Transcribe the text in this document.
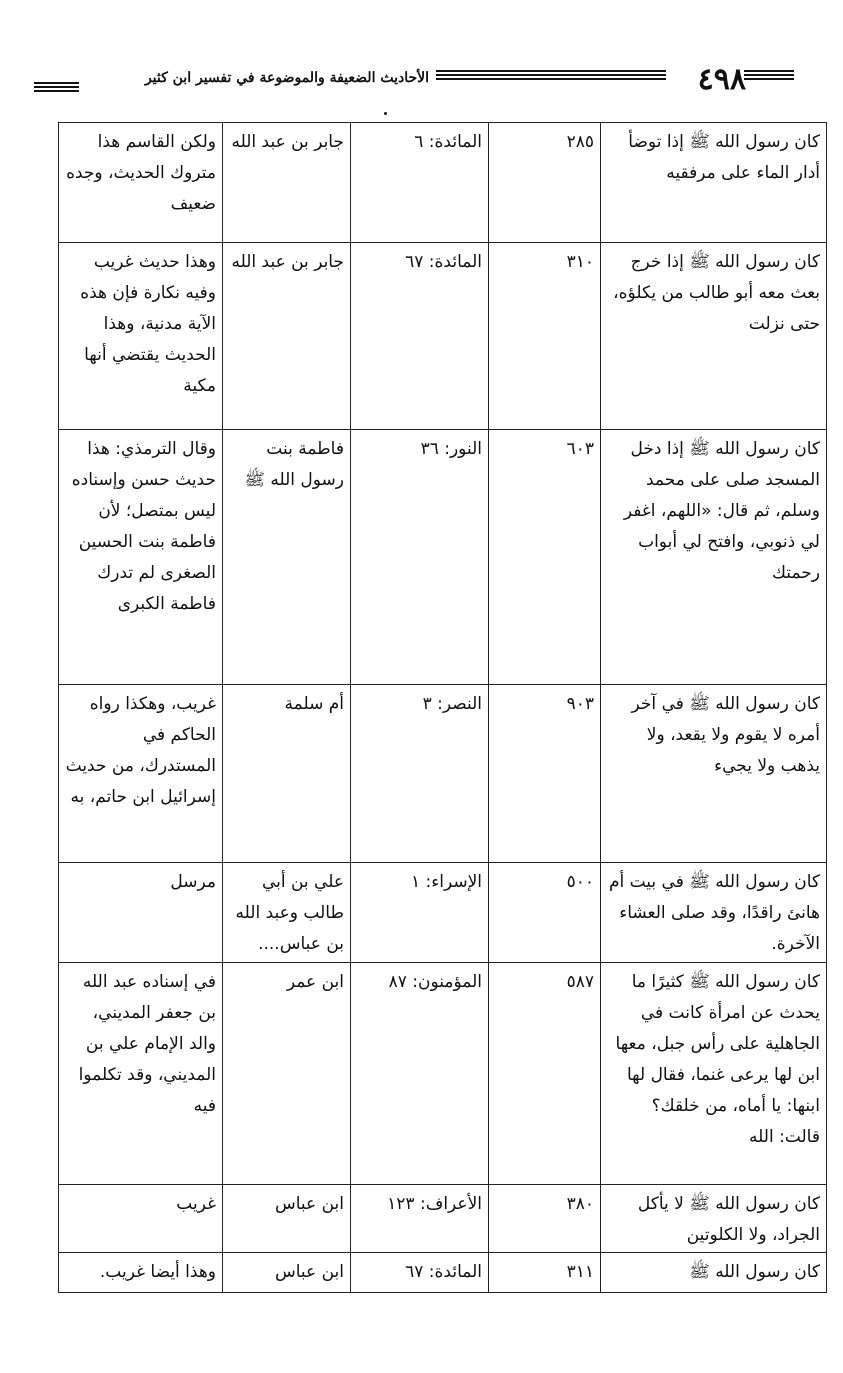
٤٩٨
الأحاديث الضعيفة والموضوعة في تفسير ابن كثير
كان رسول الله ﷺ إذا توضأ أدار الماء على مرفقيه	٢٨٥	المائدة: ٦	جابر بن عبد الله	ولكن القاسم هذا متروك الحديث، وجده ضعيف
كان رسول الله ﷺ إذا خرج بعث معه أبو طالب من يكلؤه، حتى نزلت	٣١٠	المائدة: ٦٧	جابر بن عبد الله	وهذا حديث غريب وفيه نكارة فإن هذه الآية مدنية، وهذا الحديث يقتضي أنها مكية
كان رسول الله ﷺ إذا دخل المسجد صلى على محمد وسلم، ثم قال: «اللهم، اغفر لي ذنوبي، وافتح لي أبواب رحمتك	٦٠٣	النور: ٣٦	فاطمة بنت رسول الله ﷺ	وقال الترمذي: هذا حديث حسن وإسناده ليس بمتصل؛ لأن فاطمة بنت الحسين الصغرى لم تدرك فاطمة الكبرى
كان رسول الله ﷺ في آخر أمره لا يقوم ولا يقعد، ولا يذهب ولا يجيء	٩٠٣	النصر: ٣	أم سلمة	غريب، وهكذا رواه الحاكم في المستدرك، من حديث إسرائيل ابن حاتم، به
كان رسول الله ﷺ في بيت أم هانئ راقدًا، وقد صلى العشاء الآخرة.	٥٠٠	الإسراء: ١	علي بن أبي طالب وعبد الله بن عباس....	مرسل
كان رسول الله ﷺ كثيرًا ما يحدث عن امرأة كانت في الجاهلية على رأس جبل، معها ابن لها يرعى غنما، فقال لها ابنها: يا أماه، من خلقك؟ قالت: الله	٥٨٧	المؤمنون: ٨٧	ابن عمر	في إسناده عبد الله بن جعفر المديني، والد الإمام علي بن المديني، وقد تكلموا فيه
كان رسول الله ﷺ لا يأكل الجراد، ولا الكلوتين	٣٨٠	الأعراف: ١٢٣	ابن عباس	غريب
كان رسول الله ﷺ	٣١١	المائدة: ٦٧	ابن عباس	وهذا أيضا غريب.
